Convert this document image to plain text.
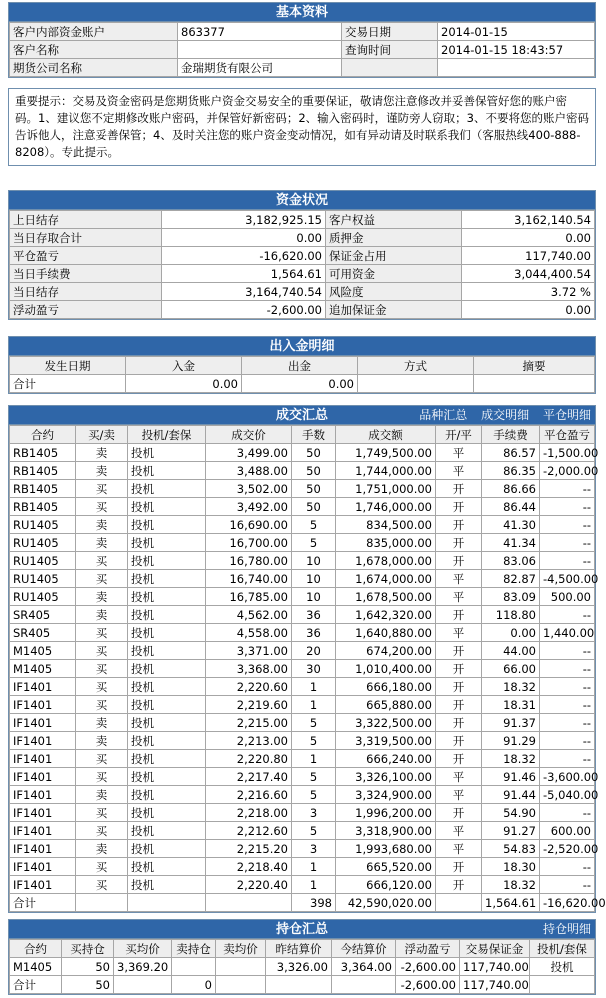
基本资料
客户内部资金账户	863377	交易日期	2014-01-15
客户名称		查询时间	2014-01-15 18:43:57
期货公司名称	金瑞期货有限公司		
重要提示：交易及资金密码是您期货账户资金交易安全的重要保证，敬请您注意修改并妥善保管好您的账户密码。1、建议您不定期修改账户密码，并保管好新密码；2、输入密码时，谨防旁人窃取；3、不要将您的账户密码告诉他人，注意妥善保管；4、及时关注您的账户资金变动情况，如有异动请及时联系我们（客服热线400-888-8208）。专此提示。
资金状况
上日结存	3,182,925.15	客户权益	3,162,140.54
当日存取合计	0.00	质押金	0.00
平仓盈亏	-16,620.00	保证金占用	117,740.00
当日手续费	1,564.61	可用资金	3,044,400.54
当日结存	3,164,740.54	风险度	3.72 %
浮动盈亏	-2,600.00	追加保证金	0.00
出入金明细
发生日期	入金	出金	方式	摘要
合计	0.00	0.00		
成交汇总	品种汇总 成交明细 平仓明细
合约	买/卖	投机/套保	成交价	手数	成交额	开/平	手续费	平仓盈亏
RB1405	卖	投机	3,499.00	50	1,749,500.00	平	86.57	-1,500.00
RB1405	卖	投机	3,488.00	50	1,744,000.00	平	86.35	-2,000.00
RB1405	买	投机	3,502.00	50	1,751,000.00	开	86.66	--
RB1405	买	投机	3,492.00	50	1,746,000.00	开	86.44	--
RU1405	卖	投机	16,690.00	5	834,500.00	开	41.30	--
RU1405	卖	投机	16,700.00	5	835,000.00	开	41.34	--
RU1405	买	投机	16,780.00	10	1,678,000.00	开	83.06	--
RU1405	买	投机	16,740.00	10	1,674,000.00	平	82.87	-4,500.00
RU1405	卖	投机	16,785.00	10	1,678,500.00	平	83.09	500.00
SR405	卖	投机	4,562.00	36	1,642,320.00	开	118.80	--
SR405	买	投机	4,558.00	36	1,640,880.00	平	0.00	1,440.00
M1405	买	投机	3,371.00	20	674,200.00	开	44.00	--
M1405	买	投机	3,368.00	30	1,010,400.00	开	66.00	--
IF1401	买	投机	2,220.60	1	666,180.00	开	18.32	--
IF1401	买	投机	2,219.60	1	665,880.00	开	18.31	--
IF1401	卖	投机	2,215.00	5	3,322,500.00	开	91.37	--
IF1401	卖	投机	2,213.00	5	3,319,500.00	开	91.29	--
IF1401	买	投机	2,220.80	1	666,240.00	开	18.32	--
IF1401	买	投机	2,217.40	5	3,326,100.00	平	91.46	-3,600.00
IF1401	卖	投机	2,216.60	5	3,324,900.00	平	91.44	-5,040.00
IF1401	买	投机	2,218.00	3	1,996,200.00	开	54.90	--
IF1401	买	投机	2,212.60	5	3,318,900.00	平	91.27	600.00
IF1401	卖	投机	2,215.20	3	1,993,680.00	平	54.83	-2,520.00
IF1401	买	投机	2,218.40	1	665,520.00	开	18.30	--
IF1401	买	投机	2,220.40	1	666,120.00	开	18.32	--
合计				398	42,590,020.00		1,564.61	-16,620.00
持仓汇总	持仓明细
合约	买持仓	买均价	卖持仓	卖均价	昨结算价	今结算价	浮动盈亏	交易保证金	投机/套保
M1405	50	3,369.20			3,326.00	3,364.00	-2,600.00	117,740.00	投机
合计	50		0				-2,600.00	117,740.00	
